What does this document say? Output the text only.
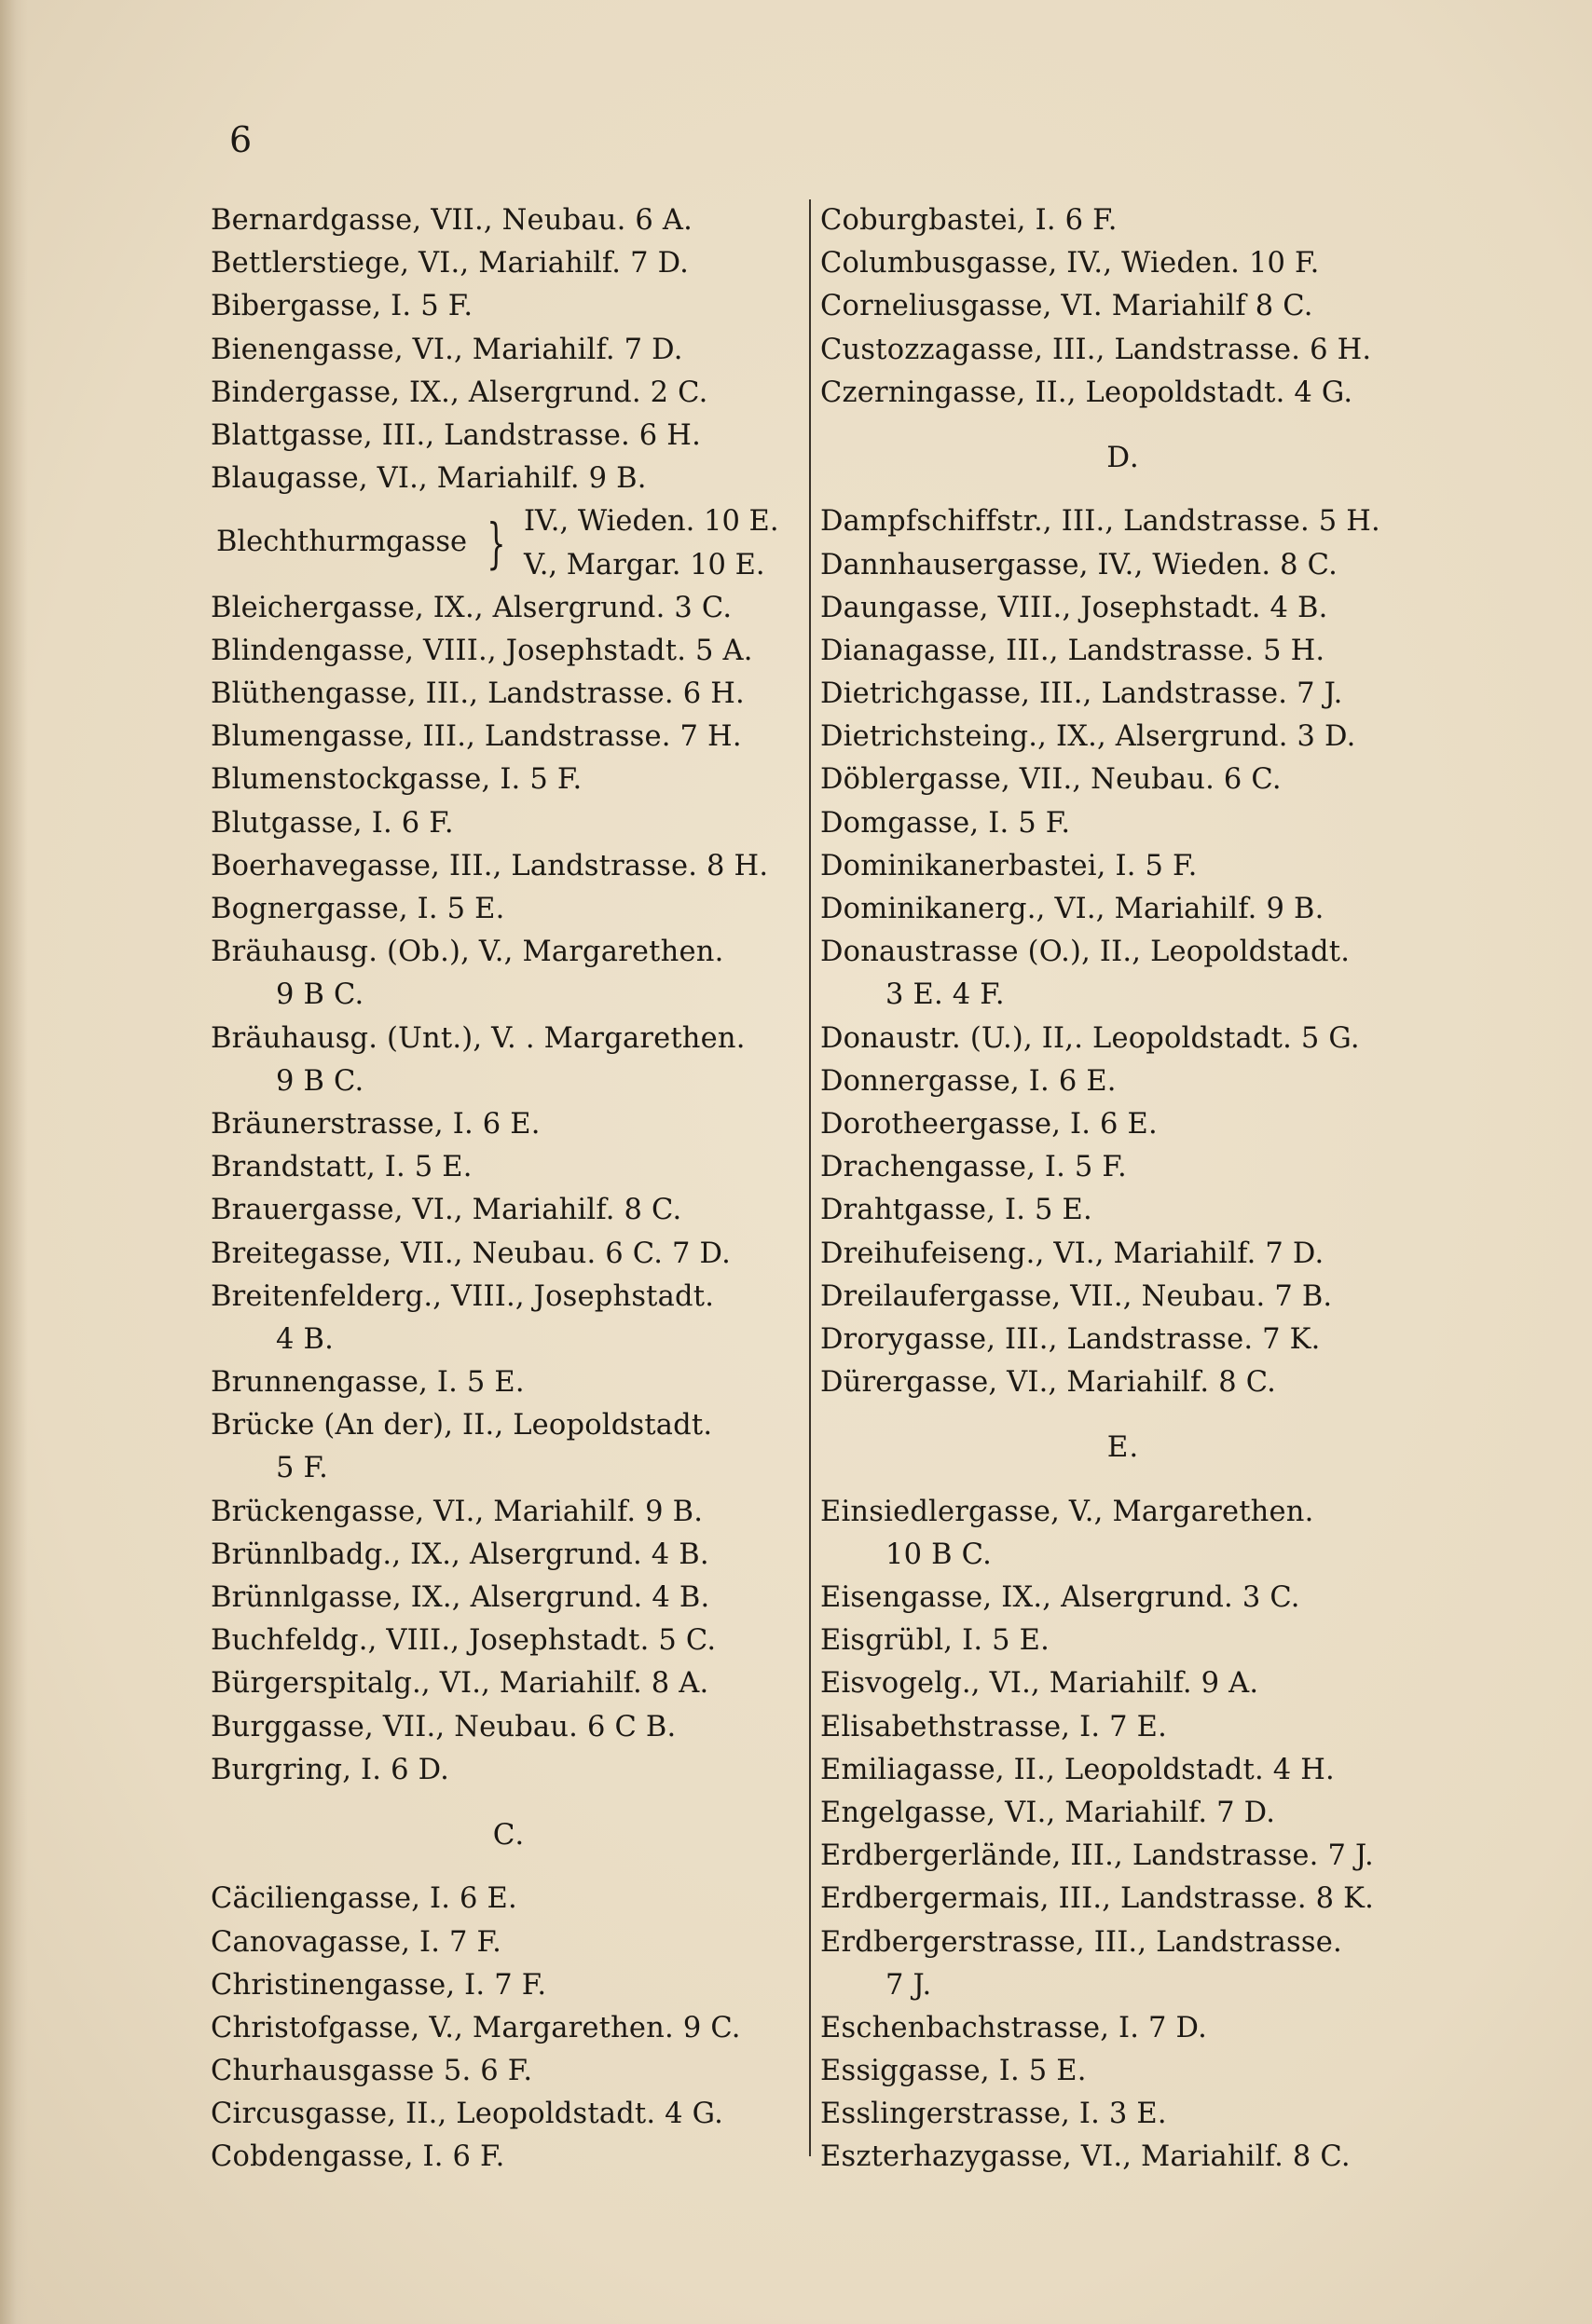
6
Bernardgasse, VII., Neubau. 6 A.
Bettlerstiege, VI., Mariahilf. 7 D.
Bibergasse, I. 5 F.
Bienengasse, VI., Mariahilf. 7 D.
Bindergasse, IX., Alsergrund. 2 C.
Blattgasse, III., Landstrasse. 6 H.
Blaugasse, VI., Mariahilf. 9 B.
Blechthurmgasse } IV., Wieden. 10 E.
V., Margar. 10 E.
Bleichergasse, IX., Alsergrund. 3 C.
Blindengasse, VIII., Josephstadt. 5 A.
Blüthengasse, III., Landstrasse. 6 H.
Blumengasse, III., Landstrasse. 7 H.
Blumenstockgasse, I. 5 F.
Blutgasse, I. 6 F.
Boerhavegasse, III., Landstrasse. 8 H.
Bognergasse, I. 5 E.
Bräuhausg. (Ob.), V., Margarethen.
9 B C.
Bräuhausg. (Unt.), V. . Margarethen.
9 B C.
Bräunerstrasse, I. 6 E.
Brandstatt, I. 5 E.
Brauergasse, VI., Mariahilf. 8 C.
Breitegasse, VII., Neubau. 6 C. 7 D.
Breitenfelderg., VIII., Josephstadt.
4 B.
Brunnengasse, I. 5 E.
Brücke (An der), II., Leopoldstadt.
5 F.
Brückengasse, VI., Mariahilf. 9 B.
Brünnlbadg., IX., Alsergrund. 4 B.
Brünnlgasse, IX., Alsergrund. 4 B.
Buchfeldg., VIII., Josephstadt. 5 C.
Bürgerspitalg., VI., Mariahilf. 8 A.
Burggasse, VII., Neubau. 6 C B.
Burgring, I. 6 D.
C.
Cäciliengasse, I. 6 E.
Canovagasse, I. 7 F.
Christinengasse, I. 7 F.
Christofgasse, V., Margarethen. 9 C.
Churhausgasse 5. 6 F.
Circusgasse, II., Leopoldstadt. 4 G.
Cobdengasse, I. 6 F.
Coburgbastei, I. 6 F.
Columbusgasse, IV., Wieden. 10 F.
Corneliusgasse, VI. Mariahilf 8 C.
Custozzagasse, III., Landstrasse. 6 H.
Czerningasse, II., Leopoldstadt. 4 G.
D.
Dampfschiffstr., III., Landstrasse. 5 H.
Dannhausergasse, IV., Wieden. 8 C.
Daungasse, VIII., Josephstadt. 4 B.
Dianagasse, III., Landstrasse. 5 H.
Dietrichgasse, III., Landstrasse. 7 J.
Dietrichsteing., IX., Alsergrund. 3 D.
Döblergasse, VII., Neubau. 6 C.
Domgasse, I. 5 F.
Dominikanerbastei, I. 5 F.
Dominikanerg., VI., Mariahilf. 9 B.
Donaustrasse (O.), II., Leopoldstadt.
3 E. 4 F.
Donaustr. (U.), II,. Leopoldstadt. 5 G.
Donnergasse, I. 6 E.
Dorotheergasse, I. 6 E.
Drachengasse, I. 5 F.
Drahtgasse, I. 5 E.
Dreihufeiseng., VI., Mariahilf. 7 D.
Dreilaufergasse, VII., Neubau. 7 B.
Drorygasse, III., Landstrasse. 7 K.
Dürergasse, VI., Mariahilf. 8 C.
E.
Einsiedlergasse, V., Margarethen.
10 B C.
Eisengasse, IX., Alsergrund. 3 C.
Eisgrübl, I. 5 E.
Eisvogelg., VI., Mariahilf. 9 A.
Elisabethstrasse, I. 7 E.
Emiliagasse, II., Leopoldstadt. 4 H.
Engelgasse, VI., Mariahilf. 7 D.
Erdbergerlände, III., Landstrasse. 7 J.
Erdbergermais, III., Landstrasse. 8 K.
Erdbergerstrasse, III., Landstrasse.
7 J.
Eschenbachstrasse, I. 7 D.
Essiggasse, I. 5 E.
Esslingerstrasse, I. 3 E.
Eszterhazygasse, VI., Mariahilf. 8 C.
